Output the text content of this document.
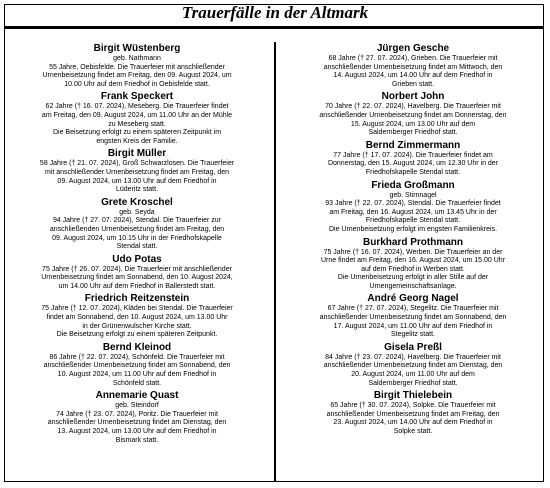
Trauerfälle in der Altmark
Birgit Wüstenberg
geb. Nathmann
55 Jahre, Oebisfelde. Die Trauerfeier mit anschließender
Urnenbeisetzung findet am Freitag, den 09. August 2024, um
10.00 Uhr auf dem Friedhof in Oebisfelde statt.
Frank Speckert
62 Jahre († 16. 07. 2024), Meseberg. Die Trauerfeier findet
am Freitag, den 09. August 2024, um 11.00 Uhr an der Mühle
zu Meseberg statt.
Die Beisetzung erfolgt zu einem späteren Zeitpunkt im
engsten Kreis der Familie.
Birgit Müller
58 Jahre († 21. 07. 2024), Groß Schwarzlosen. Die Trauerfeier
mit anschließender Urnenbeisetzung findet am Freitag, den
09. August 2024, um 13.00 Uhr auf dem Friedhof in
Lüderitz statt.
Grete Kroschel
geb. Seyda
94 Jahre († 27. 07. 2024), Stendal. Die Trauerfeier zur
anschließenden Urnenbeisetzung findet am Freitag, den
09. August 2024, um 10.15 Uhr in der Friedhofskapelle
Stendal statt.
Udo Potas
75 Jahre († 26. 07. 2024). Die Trauerfeier mit anschließender
Urnenbeisetzung findet am Sonnabend, den 10. August 2024,
um 14.00 Uhr auf dem Friedhof in Ballerstedt statt.
Friedrich Reitzenstein
75 Jahre († 12. 07. 2024), Kläden bei Stendal. Die Trauerfeier
findet am Sonnabend, den 10. August 2024, um 13.00 Uhr
in der Grünenwulscher Kirche statt.
Die Beisetzung erfolgt zu einem späteren Zeitpunkt.
Bernd Kleinod
86 Jahre († 22. 07. 2024), Schönfeld. Die Trauerfeier mit
anschließender Urnenbeisetzung findet am Sonnabend, den
10. August 2024, um 11.00 Uhr auf dem Friedhof in
Schönfeld statt.
Annemarie Quast
geb. Steindorf
74 Jahre († 23. 07. 2024), Poritz. Die Trauerfeier mit
anschließender Urnenbeisetzung findet am Dienstag, den
13. August 2024, um 13.00 Uhr auf dem Friedhof in
Bismark statt.
Jürgen Gesche
68 Jahre († 27. 07. 2024), Grieben. Die Trauerfeier mit
anschließender Urnenbeisetzung findet am Mittwoch, den
14. August 2024, um 14.00 Uhr auf dem Friedhof in
Grieben statt.
Norbert John
70 Jahre († 22. 07. 2024), Havelberg. Die Trauerfeier mit
anschließender Urnenbeisetzung findet am Donnerstag, den
15. August 2024, um 13.00 Uhr auf dem
Saldernberger Friedhof statt.
Bernd Zimmermann
77 Jahre († 17. 07. 2024). Die Trauerfeier findet am
Donnerstag, den 15. August 2024, um 12.30 Uhr in der
Friedhofskapelle Stendal statt.
Frieda Großmann
geb. Stirnnagel
93 Jahre († 22. 07. 2024), Stendal. Die Trauerfeier findet
am Freitag, den 16. August 2024, um 13.45 Uhr in der
Friedhofskapelle Stendal statt.
Die Urnenbeisetzung erfolgt im engsten Familienkreis.
Burkhard Prothmann
75 Jahre († 16. 07. 2024), Werben. Die Trauerfeier an der
Urne findet am Freitag, den 16. August 2024, um 15.00 Uhr
auf dem Friedhof in Werben statt.
Die Urnenbeisetzung erfolgt in aller Stille auf der
Urnengemeinschaftsanlage.
André Georg Nagel
67 Jahre († 27. 07. 2024), Stegelitz. Die Trauerfeier mit
anschließender Urnenbeisetzung findet am Sonnabend, den
17. August 2024, um 11.00 Uhr auf dem Friedhof in
Stegelitz statt.
Gisela Preßl
84 Jahre († 23. 07. 2024), Havelberg. Die Trauerfeier mit
anschließender Urnenbeisetzung findet am Dienstag, den
20. August 2024, um 11.00 Uhr auf dem
Saldernberger Friedhof statt.
Birgit Thielebein
65 Jahre († 30. 07. 2024), Solpke. Die Trauerfeier mit
anschließender Urnenbeisetzung findet am Freitag, den
23. August 2024, um 14.00 Uhr auf dem Friedhof in
Solpke statt.
